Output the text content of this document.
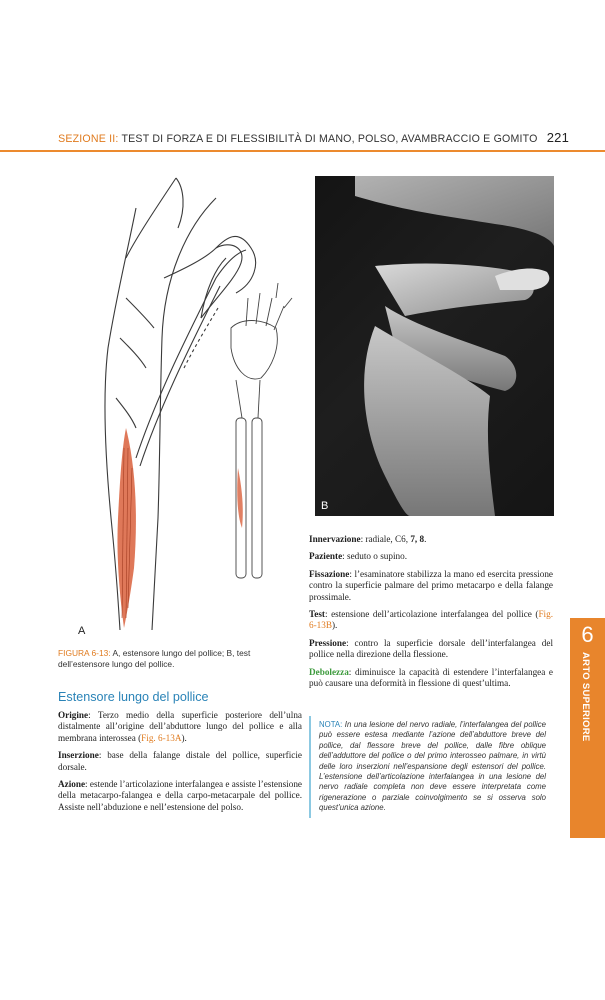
SEZIONE II: TEST DI FORZA E DI FLESSIBILITÀ DI MANO, POLSO, AVAMBRACCIO E GOMITO 221
A
B
FIGURA 6-13: A, estensore lungo del pollice; B, test dell’estensore lungo del pollice.
Estensore lungo del pollice

Origine: Terzo medio della superficie posteriore dell’ulna distalmente all’origine dell’abduttore lungo del pollice e alla membrana interossea (Fig. 6-13A).

Inserzione: base della falange distale del pollice, superficie dorsale.

Azione: estende l’articolazione interfalangea e assiste l’estensione della metacarpo-falangea e della carpo-metacarpale del pollice. Assiste nell’abduzione e nell’estensione del polso.

Innervazione: radiale, C6, 7, 8.

Paziente: seduto o supino.

Fissazione: l’esaminatore stabilizza la mano ed esercita pressione contro la superficie palmare del primo metacarpo e della falange prossimale.

Test: estensione dell’articolazione interfalangea del pollice (Fig. 6-13B).

Pressione: contro la superficie dorsale dell’interfalangea del pollice nella direzione della flessione.

Debolezza: diminuisce la capacità di estendere l’interfalangea e può causare una deformità in flessione di quest’ultima.

NOTA: In una lesione del nervo radiale, l’interfalangea del pollice può essere estesa mediante l’azione dell’abduttore breve del pollice, dal flessore breve del pollice, dalle fibre oblique dell’adduttore del pollice o del primo interosseo palmare, in virtù delle loro inserzioni nell’espansione degli estensori del pollice. L’estensione dell’articolazione interfalangea in una lesione del nervo radiale completa non deve essere interpretata come rigenerazione o parziale coinvolgimento se si osserva solo quest’unica azione.
6
ARTO SUPERIORE
